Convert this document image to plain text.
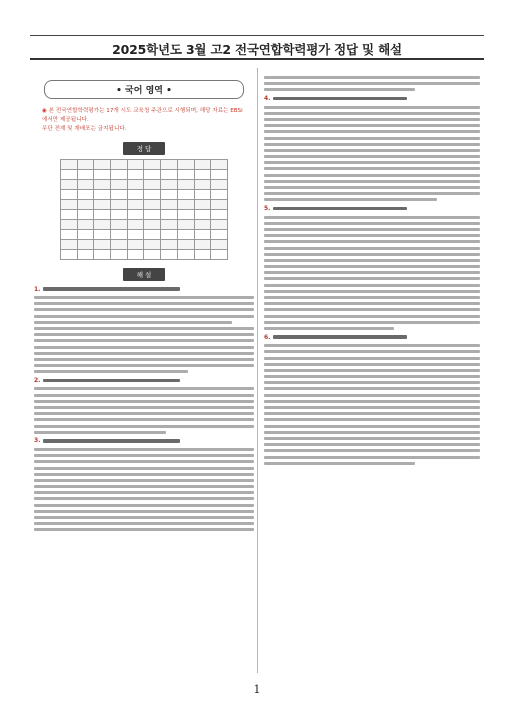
2025학년도 3월 고2 전국연합학력평가 정답 및 해설
• 국어 영역 •
◉ 본 전국연합학력평가는 17개 시도 교육청 주관으로 시행되며, 해당 자료는 EBSi에서만 제공됩니다.
무단 전재 및 재배포는 금지됩니다.
정 답

해 설
1.
2.
3.
4.
5.
6.
1
